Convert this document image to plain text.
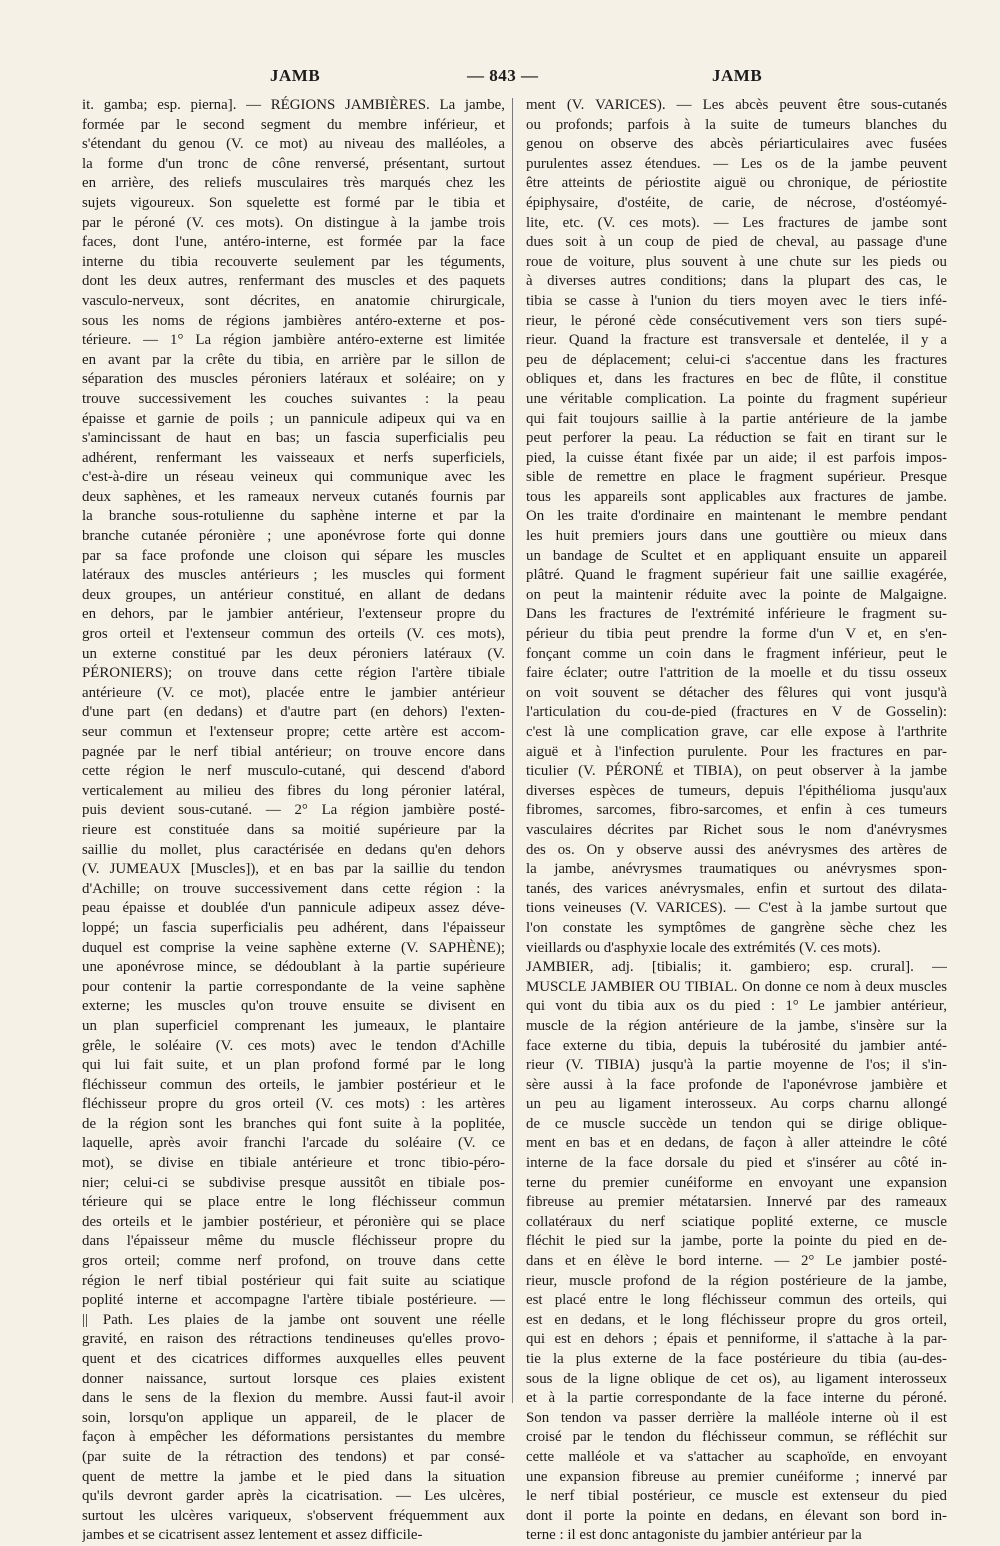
JAMB	— 843 —	JAMB
it. gamba; esp. pierna]. — RÉGIONS JAMBIÈRES. La jambe,
formée par le second segment du membre inférieur, et
s'étendant du genou (V. ce mot) au niveau des malléoles, a
la forme d'un tronc de cône renversé, présentant, surtout
en arrière, des reliefs musculaires très marqués chez les
sujets vigoureux. Son squelette est formé par le tibia et
par le péroné (V. ces mots). On distingue à la jambe trois
faces, dont l'une, antéro-interne, est formée par la face
interne du tibia recouverte seulement par les téguments,
dont les deux autres, renfermant des muscles et des paquets
vasculo-nerveux, sont décrites, en anatomie chirurgicale,
sous les noms de régions jambières antéro-externe et pos-
térieure. — 1° La région jambière antéro-externe est limitée
en avant par la crête du tibia, en arrière par le sillon de
séparation des muscles péroniers latéraux et soléaire; on y
trouve successivement les couches suivantes : la peau
épaisse et garnie de poils ; un pannicule adipeux qui va en
s'amincissant de haut en bas; un fascia superficialis peu
adhérent, renfermant les vaisseaux et nerfs superficiels,
c'est-à-dire un réseau veineux qui communique avec les
deux saphènes, et les rameaux nerveux cutanés fournis par
la branche sous-rotulienne du saphène interne et par la
branche cutanée péronière ; une aponévrose forte qui donne
par sa face profonde une cloison qui sépare les muscles
latéraux des muscles antérieurs ; les muscles qui forment
deux groupes, un antérieur constitué, en allant de dedans
en dehors, par le jambier antérieur, l'extenseur propre du
gros orteil et l'extenseur commun des orteils (V. ces mots),
un externe constitué par les deux péroniers latéraux (V.
PÉRONIERS); on trouve dans cette région l'artère tibiale
antérieure (V. ce mot), placée entre le jambier antérieur
d'une part (en dedans) et d'autre part (en dehors) l'exten-
seur commun et l'extenseur propre; cette artère est accom-
pagnée par le nerf tibial antérieur; on trouve encore dans
cette région le nerf musculo-cutané, qui descend d'abord
verticalement au milieu des fibres du long péronier latéral,
puis devient sous-cutané. — 2° La région jambière posté-
rieure est constituée dans sa moitié supérieure par la
saillie du mollet, plus caractérisée en dedans qu'en dehors
(V. JUMEAUX [Muscles]), et en bas par la saillie du tendon
d'Achille; on trouve successivement dans cette région : la
peau épaisse et doublée d'un pannicule adipeux assez déve-
loppé; un fascia superficialis peu adhérent, dans l'épaisseur
duquel est comprise la veine saphène externe (V. SAPHÈNE);
une aponévrose mince, se dédoublant à la partie supérieure
pour contenir la partie correspondante de la veine saphène
externe; les muscles qu'on trouve ensuite se divisent en
un plan superficiel comprenant les jumeaux, le plantaire
grêle, le soléaire (V. ces mots) avec le tendon d'Achille
qui lui fait suite, et un plan profond formé par le long
fléchisseur commun des orteils, le jambier postérieur et le
fléchisseur propre du gros orteil (V. ces mots) : les artères
de la région sont les branches qui font suite à la poplitée,
laquelle, après avoir franchi l'arcade du soléaire (V. ce
mot), se divise en tibiale antérieure et tronc tibio-péro-
nier; celui-ci se subdivise presque aussitôt en tibiale pos-
térieure qui se place entre le long fléchisseur commun
des orteils et le jambier postérieur, et péronière qui se place
dans l'épaisseur même du muscle fléchisseur propre du
gros orteil; comme nerf profond, on trouve dans cette
région le nerf tibial postérieur qui fait suite au sciatique
poplité interne et accompagne l'artère tibiale postérieure. —
|| Path. Les plaies de la jambe ont souvent une réelle
gravité, en raison des rétractions tendineuses qu'elles provo-
quent et des cicatrices difformes auxquelles elles peuvent
donner naissance, surtout lorsque ces plaies existent
dans le sens de la flexion du membre. Aussi faut-il avoir
soin, lorsqu'on applique un appareil, de le placer de
façon à empêcher les déformations persistantes du membre
(par suite de la rétraction des tendons) et par consé-
quent de mettre la jambe et le pied dans la situation
qu'ils devront garder après la cicatrisation. — Les ulcères,
surtout les ulcères variqueux, s'observent fréquemment aux
jambes et se cicatrisent assez lentement et assez difficile-
ment (V. VARICES). — Les abcès peuvent être sous-cutanés
ou profonds; parfois à la suite de tumeurs blanches du
genou on observe des abcès périarticulaires avec fusées
purulentes assez étendues. — Les os de la jambe peuvent
être atteints de périostite aiguë ou chronique, de périostite
épiphysaire, d'ostéite, de carie, de nécrose, d'ostéomyé-
lite, etc. (V. ces mots). — Les fractures de jambe sont
dues soit à un coup de pied de cheval, au passage d'une
roue de voiture, plus souvent à une chute sur les pieds ou
à diverses autres conditions; dans la plupart des cas, le
tibia se casse à l'union du tiers moyen avec le tiers infé-
rieur, le péroné cède consécutivement vers son tiers supé-
rieur. Quand la fracture est transversale et dentelée, il y a
peu de déplacement; celui-ci s'accentue dans les fractures
obliques et, dans les fractures en bec de flûte, il constitue
une véritable complication. La pointe du fragment supérieur
qui fait toujours saillie à la partie antérieure de la jambe
peut perforer la peau. La réduction se fait en tirant sur le
pied, la cuisse étant fixée par un aide; il est parfois impos-
sible de remettre en place le fragment supérieur. Presque
tous les appareils sont applicables aux fractures de jambe.
On les traite d'ordinaire en maintenant le membre pendant
les huit premiers jours dans une gouttière ou mieux dans
un bandage de Scultet et en appliquant ensuite un appareil
plâtré. Quand le fragment supérieur fait une saillie exagérée,
on peut la maintenir réduite avec la pointe de Malgaigne.
Dans les fractures de l'extrémité inférieure le fragment su-
périeur du tibia peut prendre la forme d'un V et, en s'en-
fonçant comme un coin dans le fragment inférieur, peut le
faire éclater; outre l'attrition de la moelle et du tissu osseux
on voit souvent se détacher des fêlures qui vont jusqu'à
l'articulation du cou-de-pied (fractures en V de Gosselin):
c'est là une complication grave, car elle expose à l'arthrite
aiguë et à l'infection purulente. Pour les fractures en par-
ticulier (V. PÉRONÉ et TIBIA), on peut observer à la jambe
diverses espèces de tumeurs, depuis l'épithélioma jusqu'aux
fibromes, sarcomes, fibro-sarcomes, et enfin à ces tumeurs
vasculaires décrites par Richet sous le nom d'anévrysmes
des os. On y observe aussi des anévrysmes des artères de
la jambe, anévrysmes traumatiques ou anévrysmes spon-
tanés, des varices anévrysmales, enfin et surtout des dilata-
tions veineuses (V. VARICES). — C'est à la jambe surtout que
l'on constate les symptômes de gangrène sèche chez les
vieillards ou d'asphyxie locale des extrémités (V. ces mots).
JAMBIER, adj. [tibialis; it. gambiero; esp. crural]. —
MUSCLE JAMBIER OU TIBIAL. On donne ce nom à deux muscles
qui vont du tibia aux os du pied : 1° Le jambier antérieur,
muscle de la région antérieure de la jambe, s'insère sur la
face externe du tibia, depuis la tubérosité du jambier anté-
rieur (V. TIBIA) jusqu'à la partie moyenne de l'os; il s'in-
sère aussi à la face profonde de l'aponévrose jambière et
un peu au ligament interosseux. Au corps charnu allongé
de ce muscle succède un tendon qui se dirige oblique-
ment en bas et en dedans, de façon à aller atteindre le côté
interne de la face dorsale du pied et s'insérer au côté in-
terne du premier cunéiforme en envoyant une expansion
fibreuse au premier métatarsien. Innervé par des rameaux
collatéraux du nerf sciatique poplité externe, ce muscle
fléchit le pied sur la jambe, porte la pointe du pied en de-
dans et en élève le bord interne. — 2° Le jambier posté-
rieur, muscle profond de la région postérieure de la jambe,
est placé entre le long fléchisseur commun des orteils, qui
est en dedans, et le long fléchisseur propre du gros orteil,
qui est en dehors ; épais et penniforme, il s'attache à la par-
tie la plus externe de la face postérieure du tibia (au-des-
sous de la ligne oblique de cet os), au ligament interosseux
et à la partie correspondante de la face interne du péroné.
Son tendon va passer derrière la malléole interne où il est
croisé par le tendon du fléchisseur commun, se réfléchit sur
cette malléole et va s'attacher au scaphoïde, en envoyant
une expansion fibreuse au premier cunéiforme ; innervé par
le nerf tibial postérieur, ce muscle est extenseur du pied
dont il porte la pointe en dedans, en élevant son bord in-
terne : il est donc antagoniste du jambier antérieur par la
